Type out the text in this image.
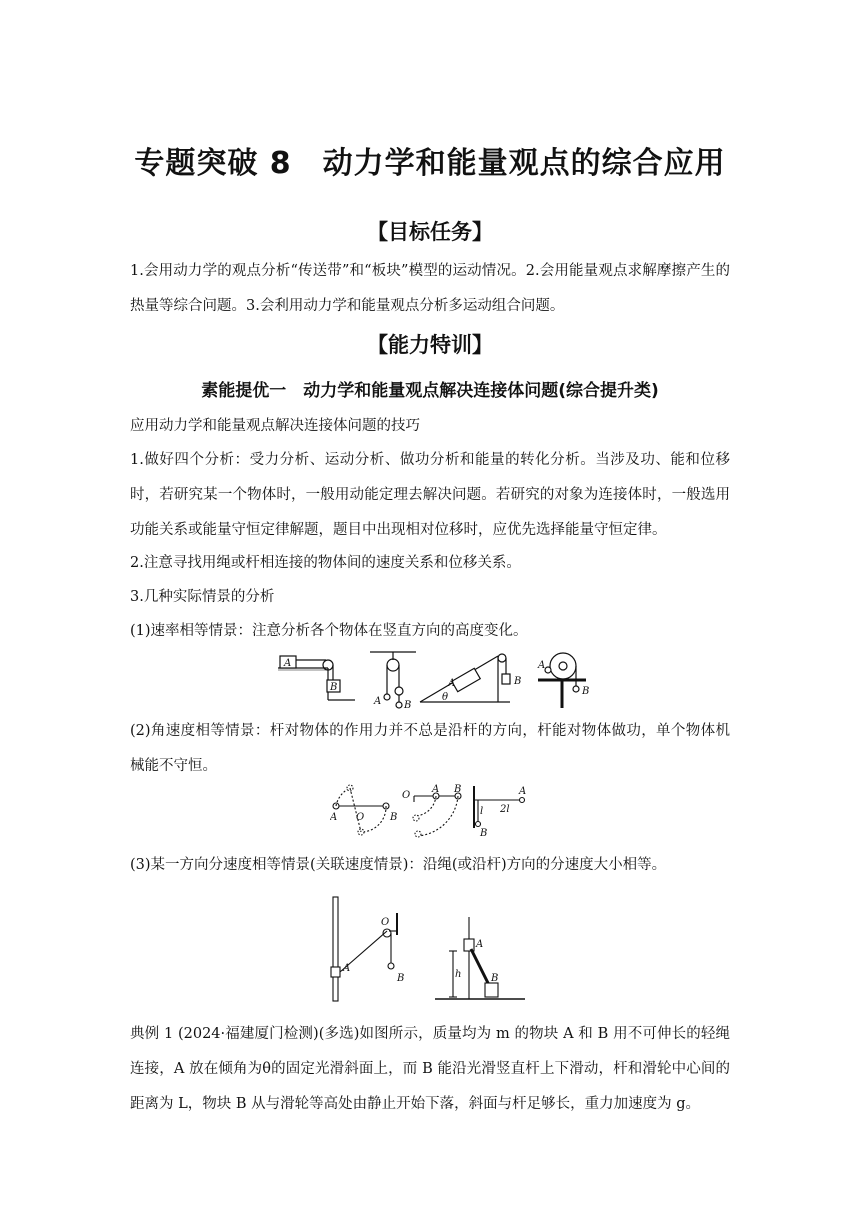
专题突破 8　动力学和能量观点的综合应用
【目标任务】
1.会用动力学的观点分析“传送带”和“板块”模型的运动情况。2.会用能量观点求解摩擦产生的热量等综合问题。3.会利用动力学和能量观点分析多运动组合问题。
【能力特训】
素能提优一　动力学和能量观点解决连接体问题(综合提升类)
应用动力学和能量观点解决连接体问题的技巧
1.做好四个分析：受力分析、运动分析、做功分析和能量的转化分析。当涉及功、能和位移时，若研究某一个物体时，一般用动能定理去解决问题。若研究的对象为连接体时，一般选用功能关系或能量守恒定律解题，题目中出现相对位移时，应优先选择能量守恒定律。
2.注意寻找用绳或杆相连接的物体间的速度关系和位移关系。
3.几种实际情景的分析
(1)速率相等情景：注意分析各个物体在竖直方向的高度变化。
A
B
A B
θ
A	B
A
B
(2)角速度相等情景：杆对物体的作用力并不总是沿杆的方向，杆能对物体做功，单个物体机械能不守恒。
A O	B
O
A B	A
2l
l
B
(3)某一方向分速度相等情景(关联速度情景)：沿绳(或沿杆)方向的分速度大小相等。
A
O
B
A
B
h
典例 1 (2024·福建厦门检测)(多选)如图所示，质量均为 m 的物块 A 和 B 用不可伸长的轻绳连接，A 放在倾角为θ的固定光滑斜面上，而 B 能沿光滑竖直杆上下滑动，杆和滑轮中心间的距离为 L，物块 B 从与滑轮等高处由静止开始下落，斜面与杆足够长，重力加速度为 g。
